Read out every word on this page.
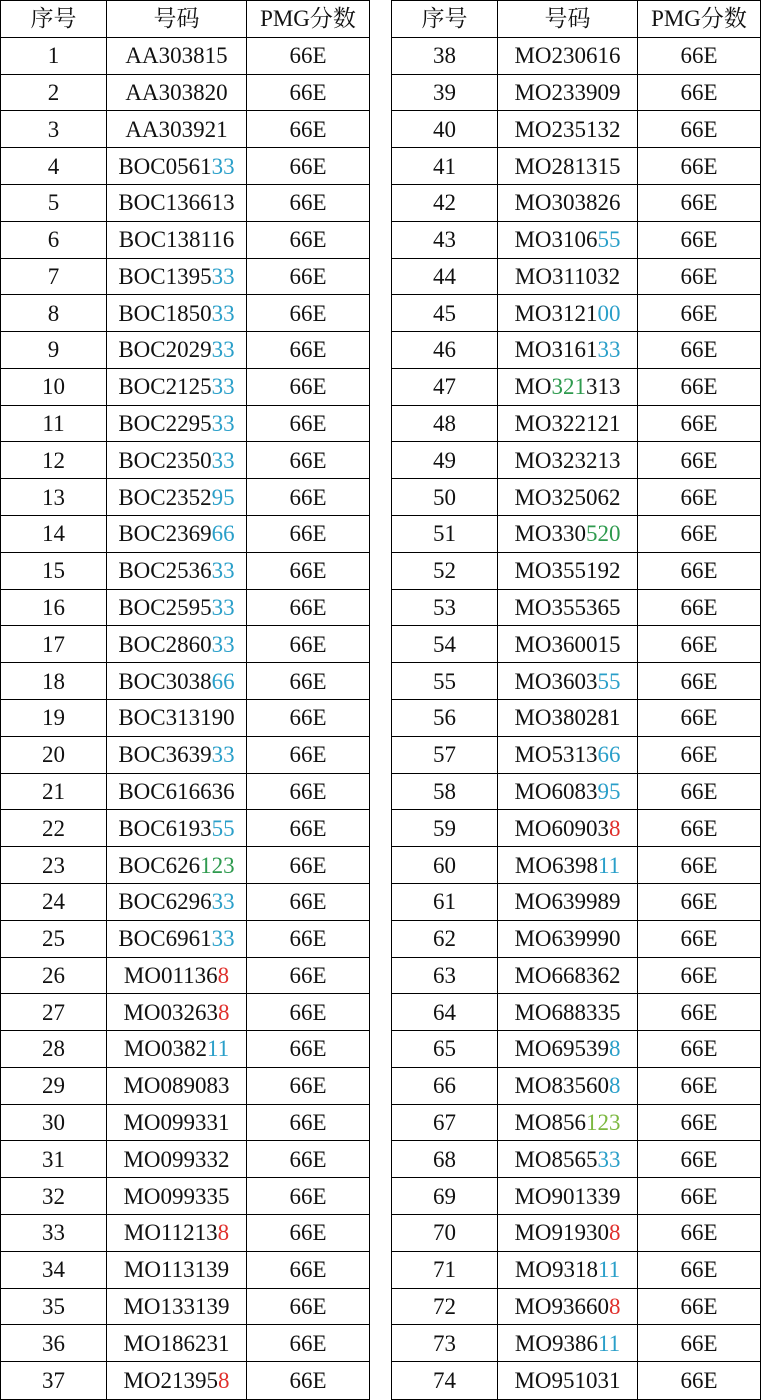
序号	号码	PMG分数
1	AA303815	66E
2	AA303820	66E
3	AA303921	66E
4	BOC0561 33	66E
5	BOC136613	66E
6	BOC138116	66E
7	BOC1395 33	66E
8	BOC1850 33	66E
9	BOC2029 33	66E
10	BOC2125 33	66E
11	BOC2295 33	66E
12	BOC2350 33	66E
13	BOC2352 95	66E
14	BOC2369 66	66E
15	BOC2536 33	66E
16	BOC2595 33	66E
17	BOC2860 33	66E
18	BOC3038 66	66E
19	BOC313190	66E
20	BOC3639 33	66E
21	BOC616636	66E
22	BOC6193 55	66E
23	BOC626 123	66E
24	BOC6296 33	66E
25	BOC6961 33	66E
26	MO01136 8	66E
27	MO03263 8	66E
28	MO0382 11	66E
29	MO089083	66E
30	MO099331	66E
31	MO099332	66E
32	MO099335	66E
33	MO11213 8	66E
34	MO113139	66E
35	MO133139	66E
36	MO186231	66E
37	MO21395 8	66E
序号	号码	PMG分数
38	MO230616	66E
39	MO233909	66E
40	MO235132	66E
41	MO281315	66E
42	MO303826	66E
43	MO3106 55	66E
44	MO311032	66E
45	MO3121 00	66E
46	MO3161 33	66E
47	MO 321 313	66E
48	MO322121	66E
49	MO323213	66E
50	MO325062	66E
51	MO330 520	66E
52	MO355192	66E
53	MO355365	66E
54	MO360015	66E
55	MO3603 55	66E
56	MO380281	66E
57	MO5313 66	66E
58	MO6083 95	66E
59	MO60903 8	66E
60	MO6398 11	66E
61	MO639989	66E
62	MO639990	66E
63	MO668362	66E
64	MO688335	66E
65	MO69539 8	66E
66	MO83560 8	66E
67	MO856 123	66E
68	MO8565 33	66E
69	MO901339	66E
70	MO91930 8	66E
71	MO9318 11	66E
72	MO93660 8	66E
73	MO9386 11	66E
74	MO951031	66E
